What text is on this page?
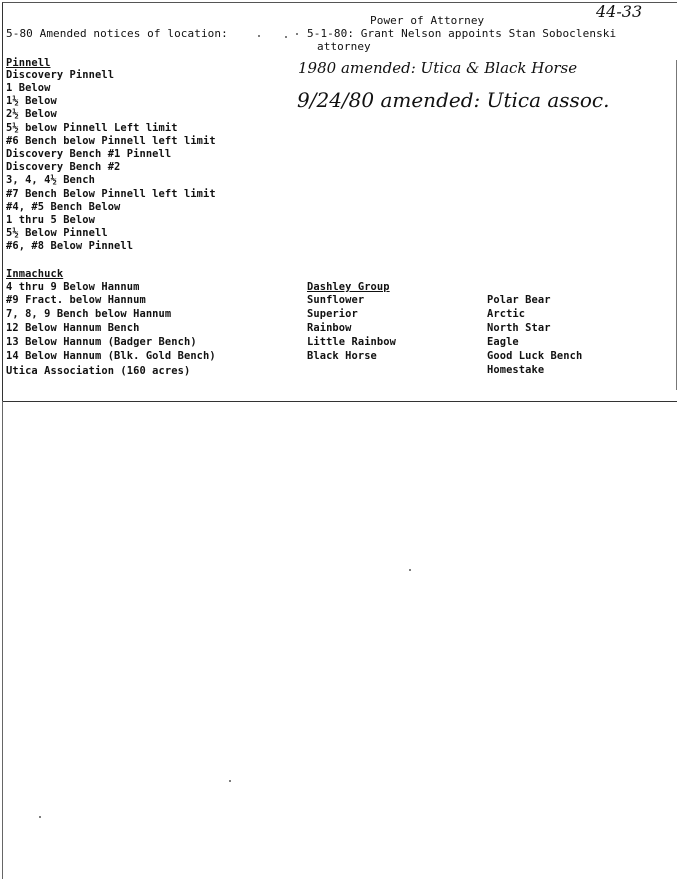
44-33
5-80 Amended notices of location:
Power of Attorney
5-1-80: Grant Nelson appoints Stan Soboclenski
attorney
1980 amended: Utica & Black Horse
9/24/80 amended: Utica assoc.
Pinnell
Discovery Pinnell
1 Below
1½ Below
2½ Below
5½ below Pinnell Left limit
#6 Bench below Pinnell left limit
Discovery Bench #1 Pinnell
Discovery Bench #2
3, 4, 4½ Bench
#7 Bench Below Pinnell left limit
#4, #5 Bench Below
1 thru 5 Below
5½ Below Pinnell
#6, #8 Below Pinnell
Inmachuck
4 thru 9 Below Hannum
#9 Fract. below Hannum
7, 8, 9 Bench below Hannum
12 Below Hannum Bench
13 Below Hannum (Badger Bench)
14 Below Hannum (Blk. Gold Bench)
Utica Association (160 acres)
Dashley Group
Sunflower
Superior
Rainbow
Little Rainbow
Black Horse
Polar Bear
Arctic
North Star
Eagle
Good Luck Bench
Homestake
